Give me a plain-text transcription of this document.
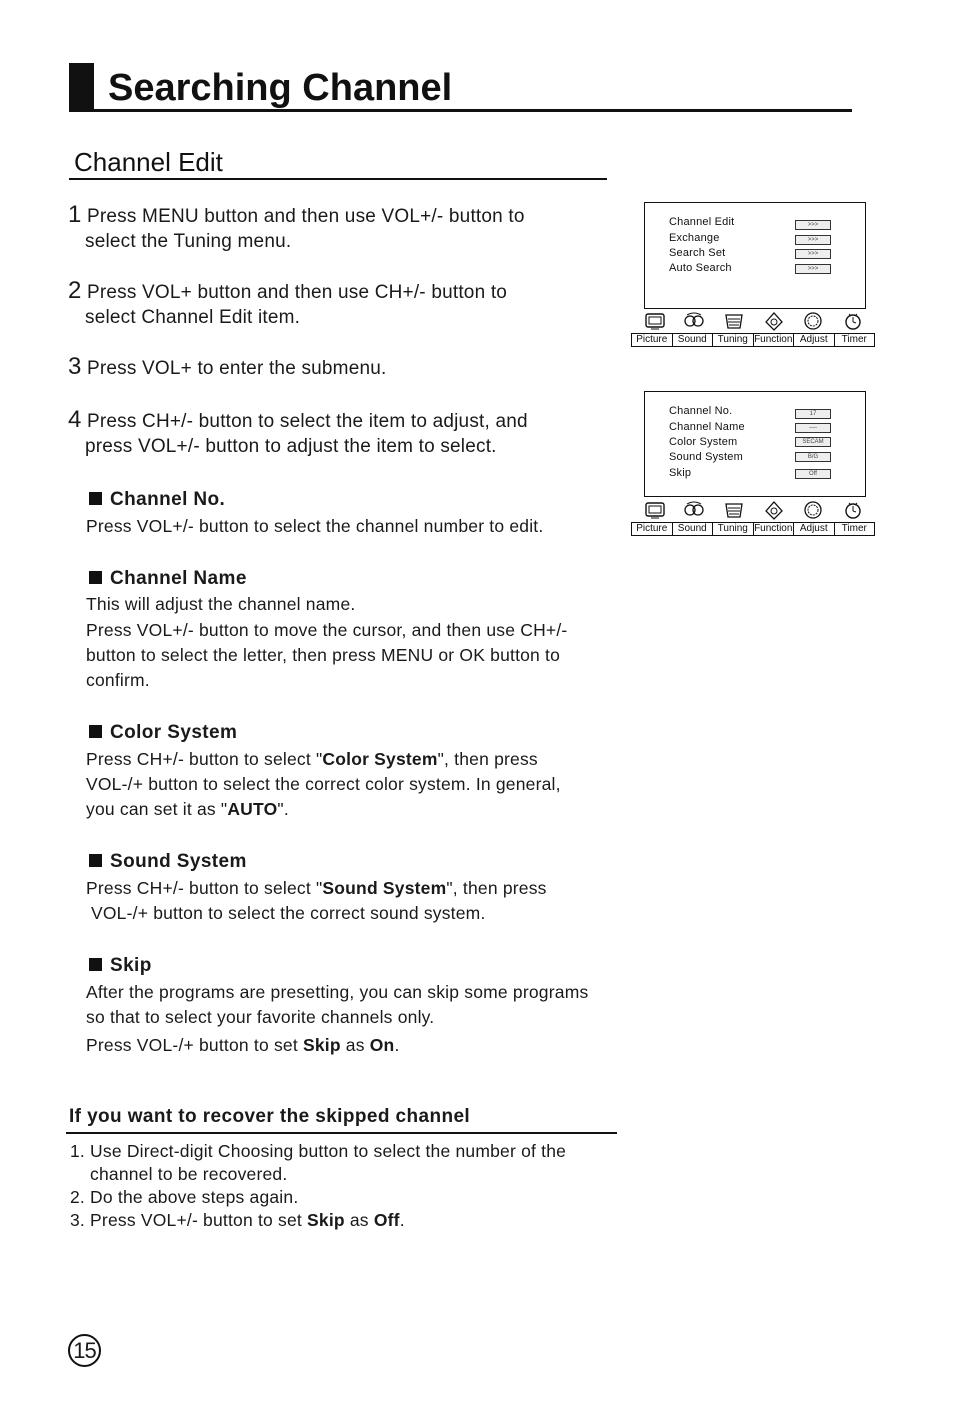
Searching Channel
Channel Edit
1 Press MENU button and then use VOL+/- button to
select the Tuning menu.
2 Press VOL+ button and then use CH+/- button to
select Channel Edit item.
3 Press VOL+ to enter the submenu.
4 Press CH+/- button to select the item to adjust, and
press VOL+/- button to adjust the item to select.
Channel No.
Press VOL+/- button to select the channel number to edit.
Channel Name
This will adjust the channel name.
Press VOL+/- button to move the cursor, and then use CH+/-
button to select the letter, then press MENU or OK button to
confirm.
Color System
Press CH+/- button to select "Color System", then press
VOL-/+ button to select the correct color system. In general,
you can set it as "AUTO".
Sound System
Press CH+/- button to select "Sound System", then press
VOL-/+ button to select the correct sound system.
Skip
After the programs are presetting, you can skip some programs
so that to select your favorite channels only.
Press VOL-/+ button to set Skip as On.
If you want to recover the skipped channel
1. Use Direct-digit Choosing button to select the number of the
channel to be recovered.
2. Do the above steps again.
3. Press VOL+/- button to set Skip as Off.
Channel Edit	>>>
Exchange	>>>
Search Set	>>>
Auto Search	>>>
Picture	Sound	Tuning Function Adjust	Timer
Channel No.	17
Channel Name	----
Color System	SECAM
Sound System	B/G
Skip	Off
Picture	Sound	Tuning Function Adjust	Timer
15
